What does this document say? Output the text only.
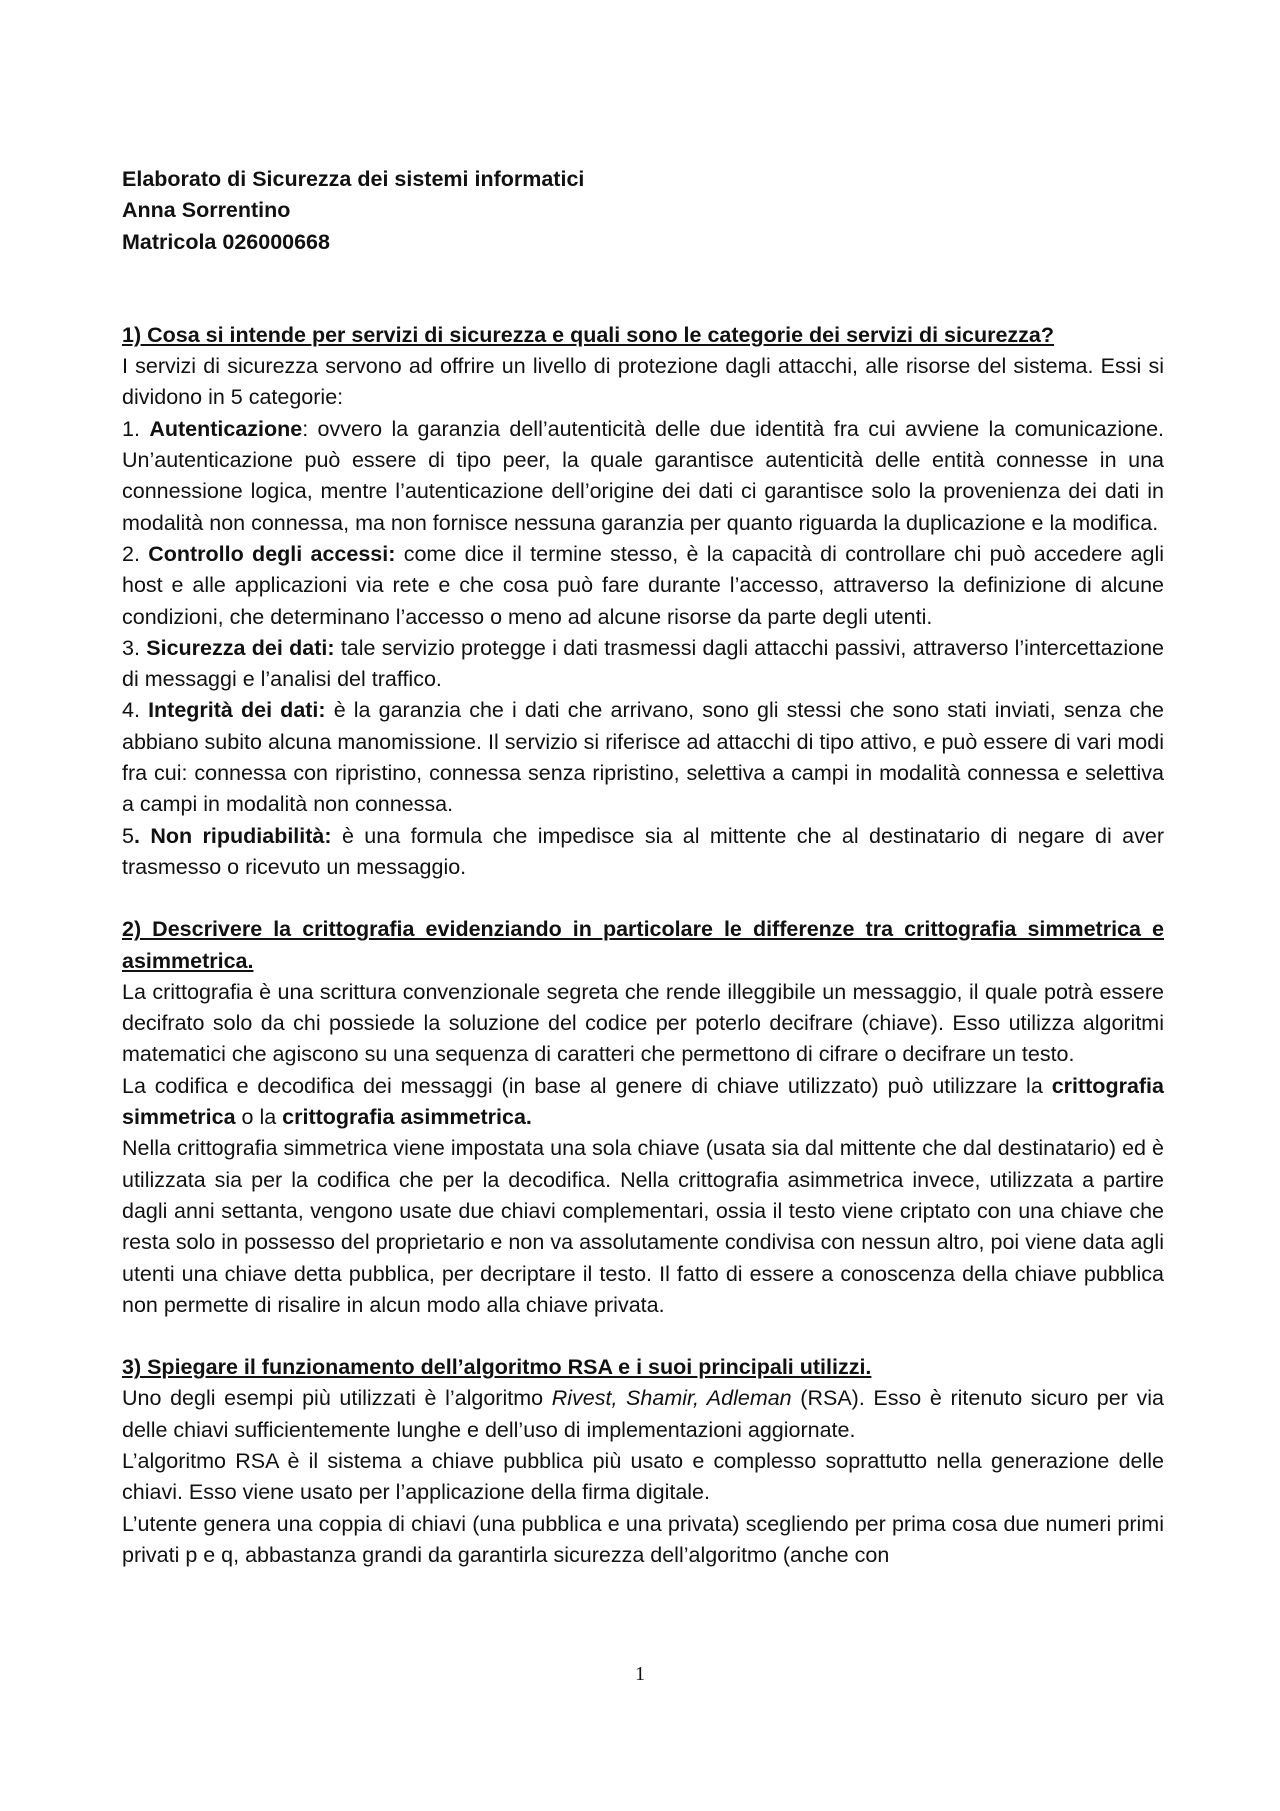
Elaborato di Sicurezza dei sistemi informatici

Anna Sorrentino

Matricola 026000668

1) Cosa si intende per servizi di sicurezza e quali sono le categorie dei servizi di sicurezza?

I servizi di sicurezza servono ad offrire un livello di protezione dagli attacchi, alle risorse del sistema. Essi si dividono in 5 categorie:

1. Autenticazione: ovvero la garanzia dell’autenticità delle due identità fra cui avviene la comunicazione. Un’autenticazione può essere di tipo peer, la quale garantisce autenticità delle entità connesse in una connessione logica, mentre l’autenticazione dell’origine dei dati ci garantisce solo la provenienza dei dati in modalità non connessa, ma non fornisce nessuna garanzia per quanto riguarda la duplicazione e la modifica.

2. Controllo degli accessi: come dice il termine stesso, è la capacità di controllare chi può accedere agli host e alle applicazioni via rete e che cosa può fare durante l’accesso, attraverso la definizione di alcune condizioni, che determinano l’accesso o meno ad alcune risorse da parte degli utenti.

3. Sicurezza dei dati: tale servizio protegge i dati trasmessi dagli attacchi passivi, attraverso l’intercettazione di messaggi e l’analisi del traffico.

4. Integrità dei dati: è la garanzia che i dati che arrivano, sono gli stessi che sono stati inviati, senza che abbiano subito alcuna manomissione. Il servizio si riferisce ad attacchi di tipo attivo, e può essere di vari modi fra cui: connessa con ripristino, connessa senza ripristino, selettiva a campi in modalità connessa e selettiva a campi in modalità non connessa.

5. Non ripudiabilità: è una formula che impedisce sia al mittente che al destinatario di negare di aver trasmesso o ricevuto un messaggio.

2) Descrivere la crittografia evidenziando in particolare le differenze tra crittografia simmetrica e asimmetrica.

La crittografia è una scrittura convenzionale segreta che rende illeggibile un messaggio, il quale potrà essere decifrato solo da chi possiede la soluzione del codice per poterlo decifrare (chiave). Esso utilizza algoritmi matematici che agiscono su una sequenza di caratteri che permettono di cifrare o decifrare un testo.

La codifica e decodifica dei messaggi (in base al genere di chiave utilizzato) può utilizzare la crittografia simmetrica o la crittografia asimmetrica.

Nella crittografia simmetrica viene impostata una sola chiave (usata sia dal mittente che dal destinatario) ed è utilizzata sia per la codifica che per la decodifica. Nella crittografia asimmetrica invece, utilizzata a partire dagli anni settanta, vengono usate due chiavi complementari, ossia il testo viene criptato con una chiave che resta solo in possesso del proprietario e non va assolutamente condivisa con nessun altro, poi viene data agli utenti una chiave detta pubblica, per decriptare il testo. Il fatto di essere a conoscenza della chiave pubblica non permette di risalire in alcun modo alla chiave privata.

3) Spiegare il funzionamento dell’algoritmo RSA e i suoi principali utilizzi.

Uno degli esempi più utilizzati è l’algoritmo Rivest, Shamir, Adleman (RSA). Esso è ritenuto sicuro per via delle chiavi sufficientemente lunghe e dell’uso di implementazioni aggiornate.

L’algoritmo RSA è il sistema a chiave pubblica più usato e complesso soprattutto nella generazione delle chiavi. Esso viene usato per l’applicazione della firma digitale.

L’utente genera una coppia di chiavi (una pubblica e una privata) scegliendo per prima cosa due numeri primi privati p e q, abbastanza grandi da garantirla sicurezza dell’algoritmo (anche con

1
